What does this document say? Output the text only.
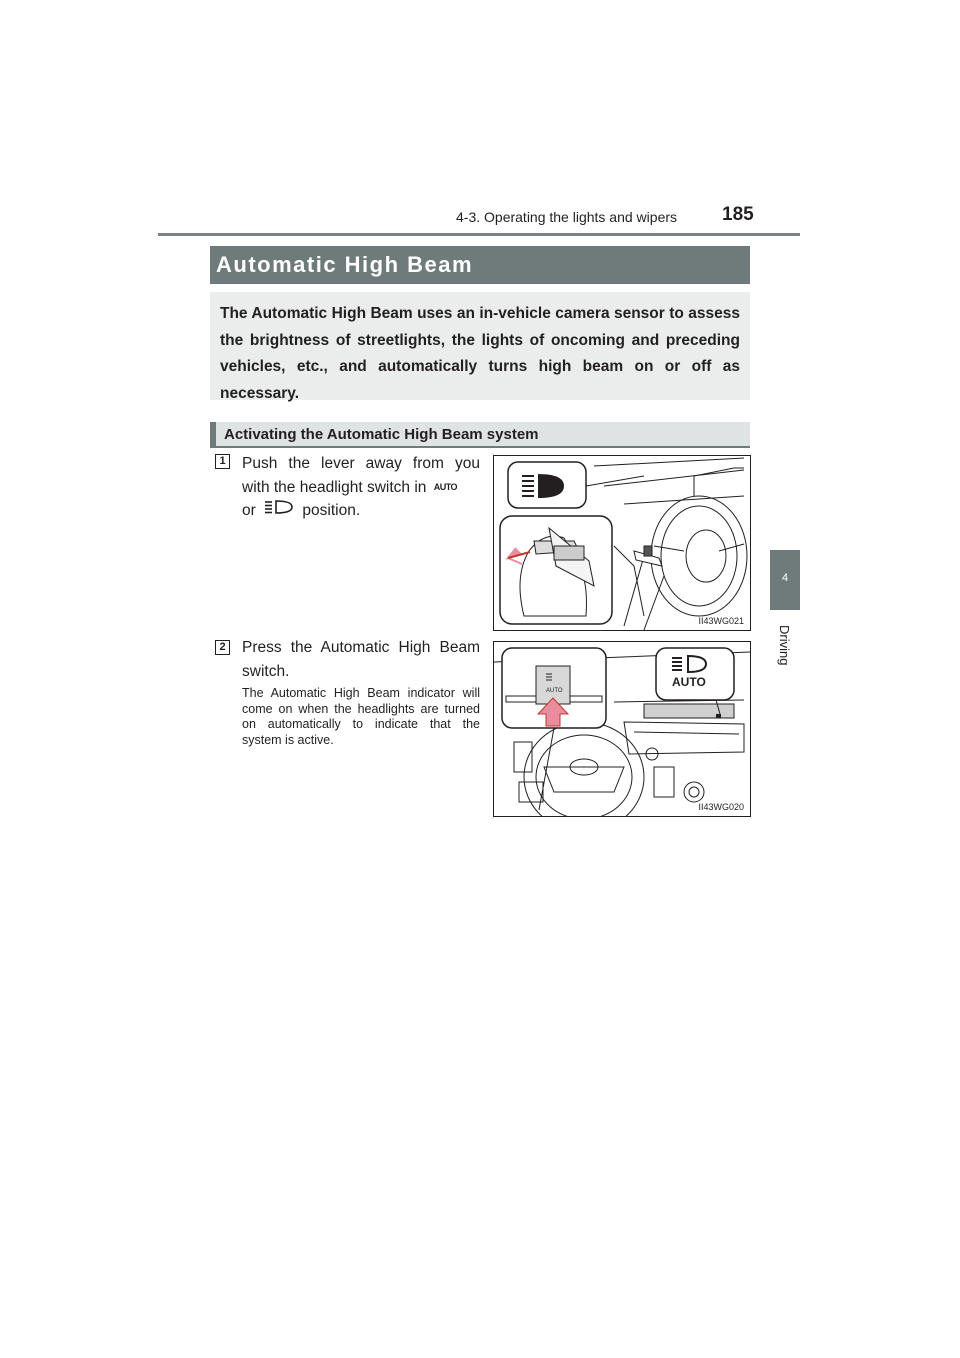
4-3. Operating the lights and wipers 185
4
Driving
Automatic High Beam
The Automatic High Beam uses an in-vehicle camera sensor to assess the brightness of streetlights, the lights of oncoming and preceding vehicles, etc., and automatically turns high beam on or off as necessary.
Activating the Automatic High Beam system
1 Push the lever away from you
with the headlight switch in AUTO
or	position.
II43WG021
2 Press the Automatic High Beam switch.
The Automatic High Beam indicator will come on when the headlights are turned on automatically to indicate that the system is active.
AUTO
AUTO
II43WG020
